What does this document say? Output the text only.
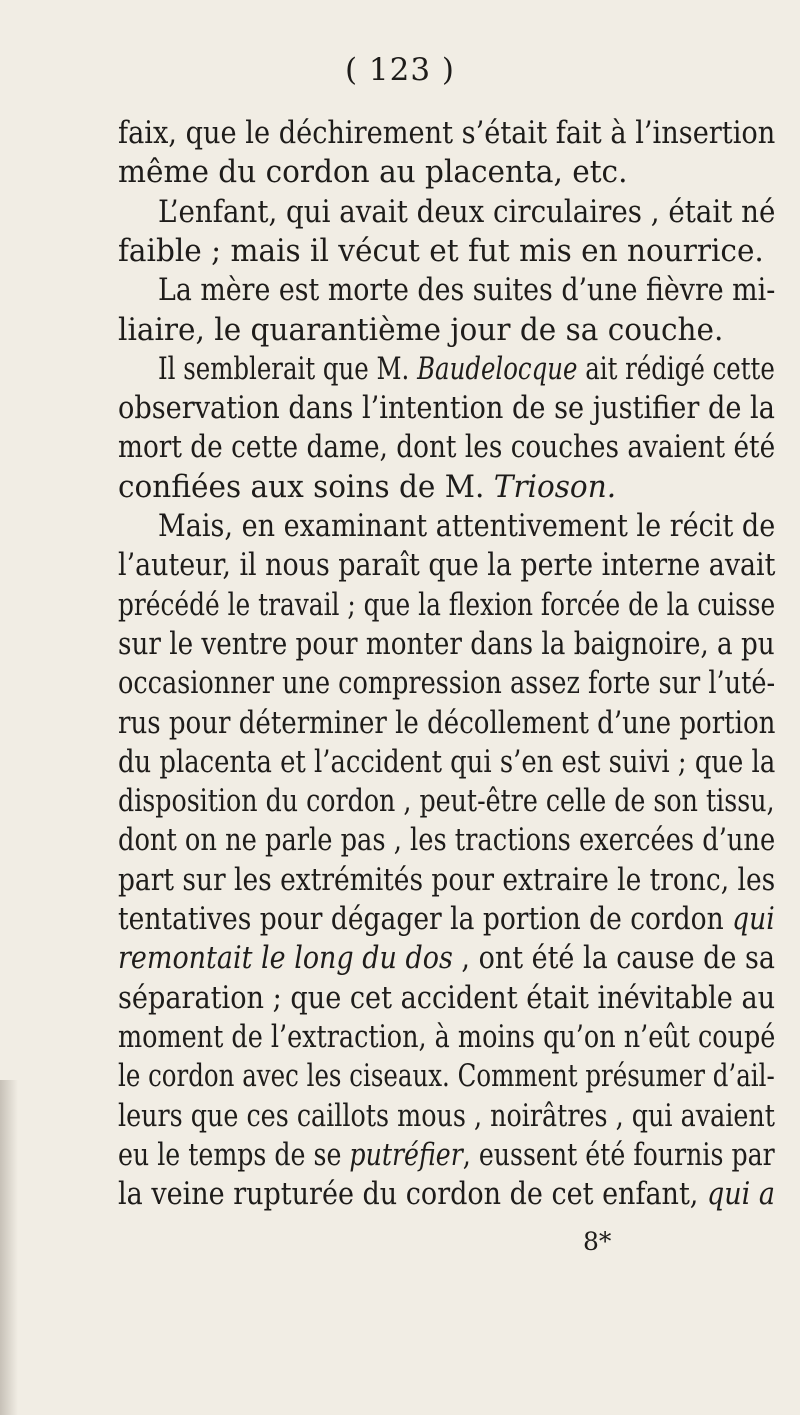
( 123 )
faix, que le déchirement s’était fait à l’insertion
même du cordon au placenta, etc.
L’enfant, qui avait deux circulaires , était né
faible ; mais il vécut et fut mis en nourrice.
La mère est morte des suites d’une fièvre mi-
liaire, le quarantième jour de sa couche.
Il semblerait que M. Baudelocque ait rédigé cette
observation dans l’intention de se justifier de la
mort de cette dame, dont les couches avaient été
confiées aux soins de M. Trioson.
Mais, en examinant attentivement le récit de
l’auteur, il nous paraît que la perte interne avait
précédé le travail ; que la flexion forcée de la cuisse
sur le ventre pour monter dans la baignoire, a pu
occasionner une compression assez forte sur l’uté-
rus pour déterminer le décollement d’une portion
du placenta et l’accident qui s’en est suivi ; que la
disposition du cordon , peut-être celle de son tissu,
dont on ne parle pas , les tractions exercées d’une
part sur les extrémités pour extraire le tronc, les
tentatives pour dégager la portion de cordon qui
remontait le long du dos , ont été la cause de sa
séparation ; que cet accident était inévitable au
moment de l’extraction, à moins qu’on n’eût coupé
le cordon avec les ciseaux. Comment présumer d’ail-
leurs que ces caillots mous , noirâtres , qui avaient
eu le temps de se putréfier, eussent été fournis par
la veine rupturée du cordon de cet enfant, qui a
8*
